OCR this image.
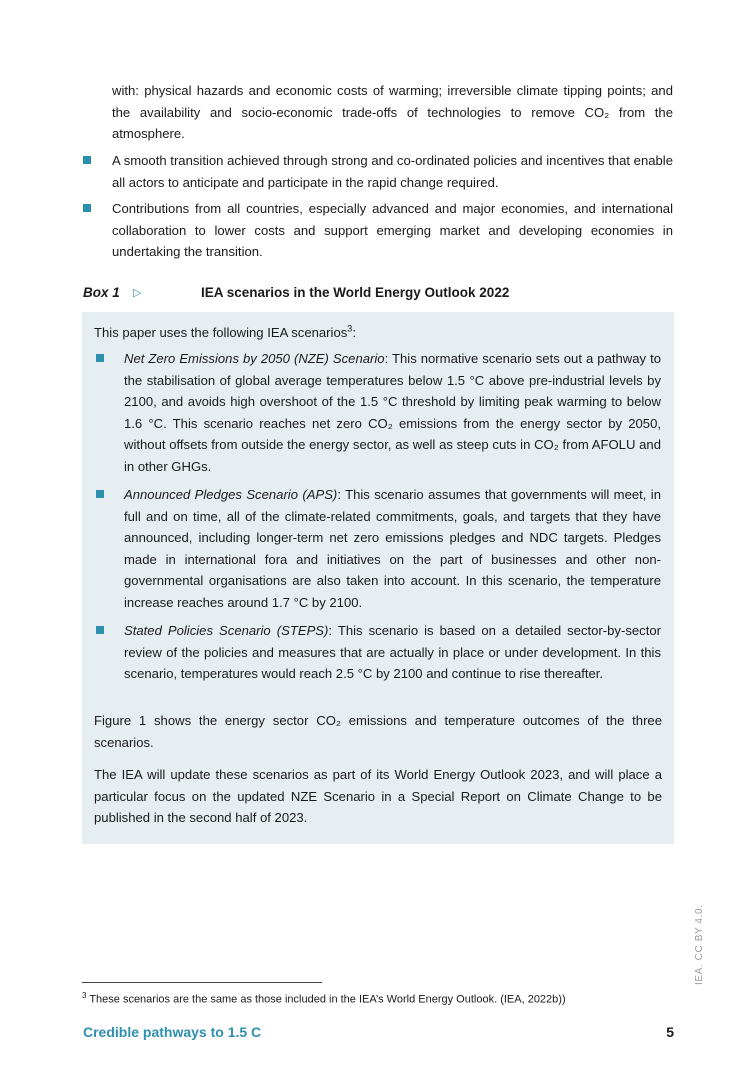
with: physical hazards and economic costs of warming; irreversible climate tipping points; and the availability and socio-economic trade-offs of technologies to remove CO₂ from the atmosphere.

A smooth transition achieved through strong and co-ordinated policies and incentives that enable all actors to anticipate and participate in the rapid change required.

Contributions from all countries, especially advanced and major economies, and international collaboration to lower costs and support emerging market and developing economies in undertaking the transition.

Box 1 ▷	IEA scenarios in the World Energy Outlook 2022

This paper uses the following IEA scenarios$^3$:

Net Zero Emissions by 2050 (NZE) Scenario: This normative scenario sets out a pathway to the stabilisation of global average temperatures below 1.5 °C above pre-industrial levels by 2100, and avoids high overshoot of the 1.5 °C threshold by limiting peak warming to below 1.6 °C. This scenario reaches net zero CO₂ emissions from the energy sector by 2050, without offsets from outside the energy sector, as well as steep cuts in CO₂ from AFOLU and in other GHGs.

Announced Pledges Scenario (APS): This scenario assumes that governments will meet, in full and on time, all of the climate-related commitments, goals, and targets that they have announced, including longer-term net zero emissions pledges and NDC targets. Pledges made in international fora and initiatives on the part of businesses and other non-governmental organisations are also taken into account. In this scenario, the temperature increase reaches around 1.7 °C by 2100.

Stated Policies Scenario (STEPS): This scenario is based on a detailed sector-by-sector review of the policies and measures that are actually in place or under development. In this scenario, temperatures would reach 2.5 °C by 2100 and continue to rise thereafter.

Figure 1 shows the energy sector CO₂ emissions and temperature outcomes of the three scenarios.

The IEA will update these scenarios as part of its World Energy Outlook 2023, and will place a particular focus on the updated NZE Scenario in a Special Report on Climate Change to be published in the second half of 2023.

$^3$ These scenarios are the same as those included in the IEA’s World Energy Outlook. (IEA, 2022b))
Credible pathways to 1.5 C	5
IEA. CC BY 4.0.
